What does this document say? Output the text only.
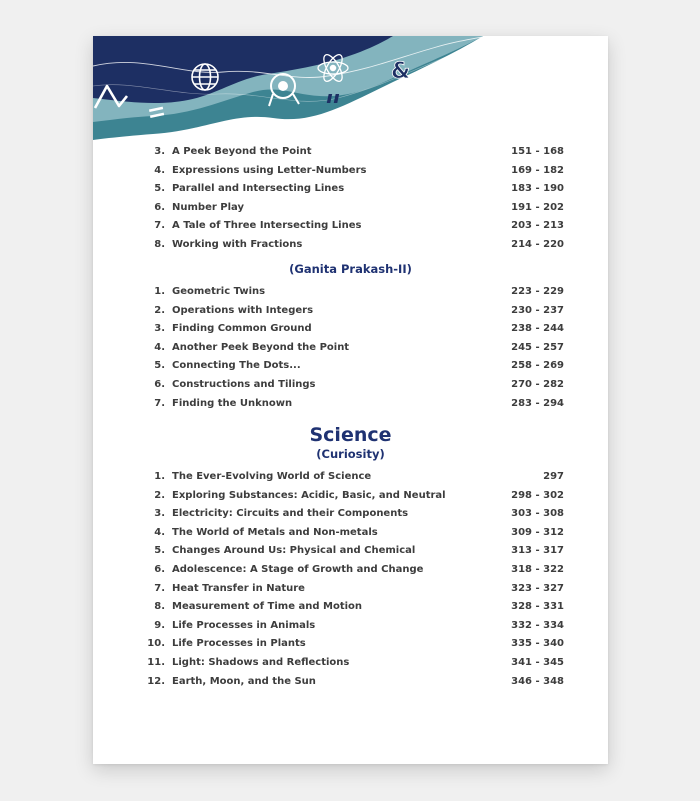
&
3. A Peek Beyond the Point	151 - 168
4. Expressions using Letter-Numbers	169 - 182
5. Parallel and Intersecting Lines	183 - 190
6. Number Play	191 - 202
7. A Tale of Three Intersecting Lines	203 - 213
8. Working with Fractions	214 - 220
(Ganita Prakash-II)
1. Geometric Twins	223 - 229
2. Operations with Integers	230 - 237
3. Finding Common Ground	238 - 244
4. Another Peek Beyond the Point	245 - 257
5. Connecting The Dots...	258 - 269
6. Constructions and Tilings	270 - 282
7. Finding the Unknown	283 - 294
Science
(Curiosity)
1. The Ever-Evolving World of Science	297
2. Exploring Substances: Acidic, Basic, and Neutral	298 - 302
3. Electricity: Circuits and their Components	303 - 308
4. The World of Metals and Non-metals	309 - 312
5. Changes Around Us: Physical and Chemical	313 - 317
6. Adolescence: A Stage of Growth and Change	318 - 322
7. Heat Transfer in Nature	323 - 327
8. Measurement of Time and Motion	328 - 331
9. Life Processes in Animals	332 - 334
10. Life Processes in Plants	335 - 340
11. Light: Shadows and Reflections	341 - 345
12. Earth, Moon, and the Sun	346 - 348
